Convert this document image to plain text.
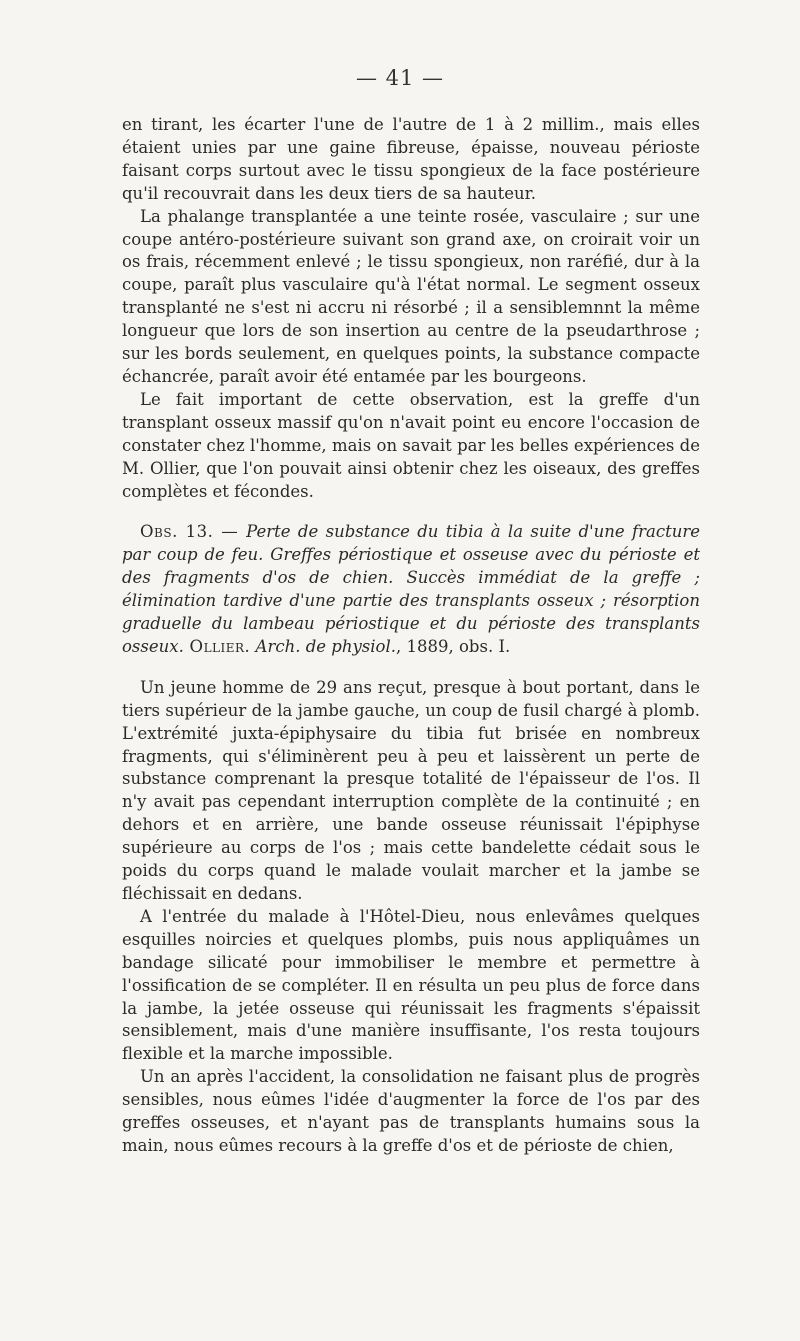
— 41 —

en tirant, les écarter l'une de l'autre de 1 à 2 millim., mais elles étaient unies par une gaine fibreuse, épaisse, nouveau périoste faisant corps surtout avec le tissu spongieux de la face postérieure qu'il recouvrait dans les deux tiers de sa hauteur.

La phalange transplantée a une teinte rosée, vasculaire ; sur une coupe antéro-postérieure suivant son grand axe, on croirait voir un os frais, récemment enlevé ; le tissu spongieux, non raréfié, dur à la coupe, paraît plus vasculaire qu'à l'état normal. Le segment osseux transplanté ne s'est ni accru ni résorbé ; il a sensiblemnnt la même longueur que lors de son insertion au centre de la pseudarthrose ; sur les bords seulement, en quelques points, la substance compacte échancrée, paraît avoir été entamée par les bourgeons.

Le fait important de cette observation, est la greffe d'un transplant osseux massif qu'on n'avait point eu encore l'occasion de constater chez l'homme, mais on savait par les belles expériences de M. Ollier, que l'on pouvait ainsi obtenir chez les oiseaux, des greffes complètes et fécondes.

Obs. 13. — Perte de substance du tibia à la suite d'une fracture par coup de feu. Greffes périostique et osseuse avec du périoste et des fragments d'os de chien. Succès immédiat de la greffe ; élimination tardive d'une partie des transplants osseux ; résorption graduelle du lambeau périostique et du périoste des transplants osseux. Ollier. Arch. de physiol., 1889, obs. I.

Un jeune homme de 29 ans reçut, presque à bout portant, dans le tiers supérieur de la jambe gauche, un coup de fusil chargé à plomb. L'extrémité juxta-épiphysaire du tibia fut brisée en nombreux fragments, qui s'éliminèrent peu à peu et laissèrent un perte de substance comprenant la presque totalité de l'épaisseur de l'os. Il n'y avait pas cependant interruption complète de la continuité ; en dehors et en arrière, une bande osseuse réunissait l'épiphyse supérieure au corps de l'os ; mais cette bandelette cédait sous le poids du corps quand le malade voulait marcher et la jambe se fléchissait en dedans.

A l'entrée du malade à l'Hôtel-Dieu, nous enlevâmes quelques esquilles noircies et quelques plombs, puis nous appliquâmes un bandage silicaté pour immobiliser le membre et permettre à l'ossification de se compléter. Il en résulta un peu plus de force dans la jambe, la jetée osseuse qui réunissait les fragments s'épaissit sensiblement, mais d'une manière insuffisante, l'os resta toujours flexible et la marche impossible.

Un an après l'accident, la consolidation ne faisant plus de progrès sensibles, nous eûmes l'idée d'augmenter la force de l'os par des greffes osseuses, et n'ayant pas de transplants humains sous la main, nous eûmes recours à la greffe d'os et de périoste de chien,
